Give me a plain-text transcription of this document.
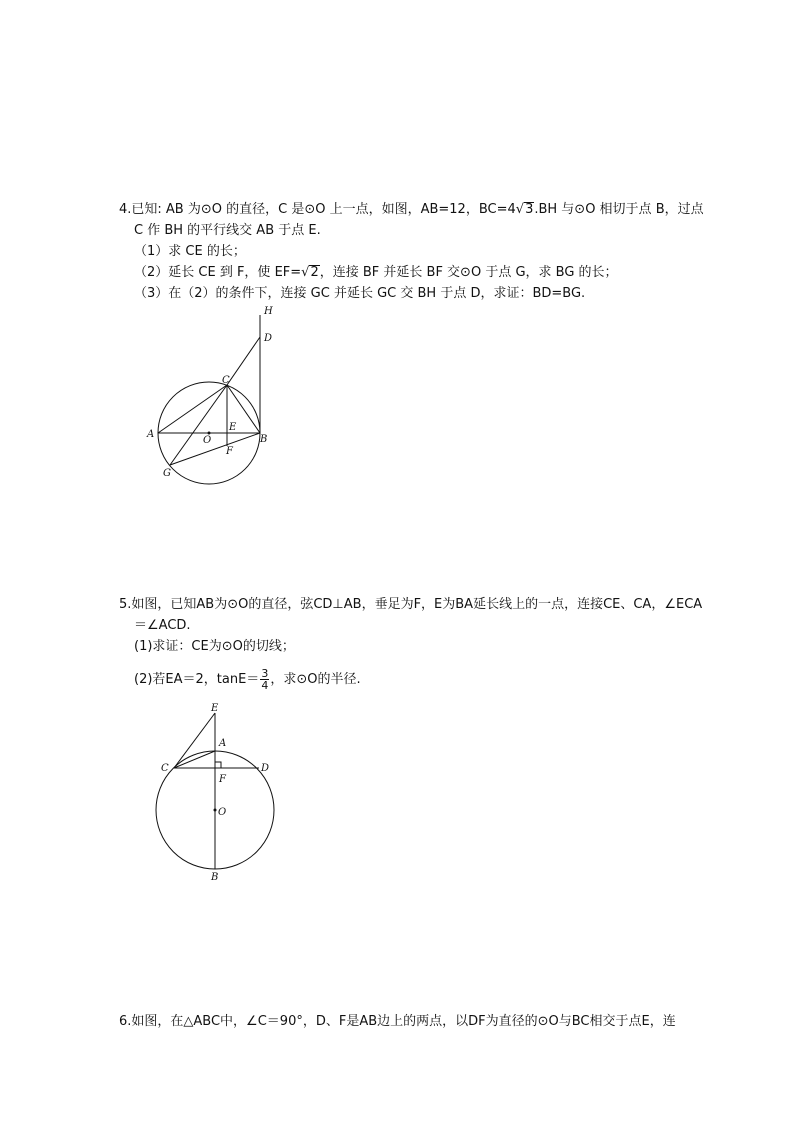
4.已知: AB 为⊙O 的直径，C 是⊙O 上一点，如图，AB=12，BC=4√3.BH 与⊙O 相切于点 B，过点
C 作 BH 的平行线交 AB 于点 E.
（1）求 CE 的长；
（2）延长 CE 到 F，使 EF=√2，连接 BF 并延长 BF 交⊙O 于点 G，求 BG 的长；
（3）在（2）的条件下，连接 GC 并延长 GC 交 BH 于点 D，求证：BD=BG.
H
D
C
A
O
E
B
F
G
5.如图，已知AB为⊙O的直径，弦CD⊥AB，垂足为F，E为BA延长线上的一点，连接CE、CA，∠ECA
＝∠ACD.
(1)求证：CE为⊙O的切线；
(2)若EA＝2，$\tan E= \frac{3}{4}$ ，求⊙O的半径.
E
A
C	D
F
O
B
6.如图，在△ABC中，∠C＝90°，D、F是AB边上的两点，以DF为直径的⊙O与BC相交于点E，连
